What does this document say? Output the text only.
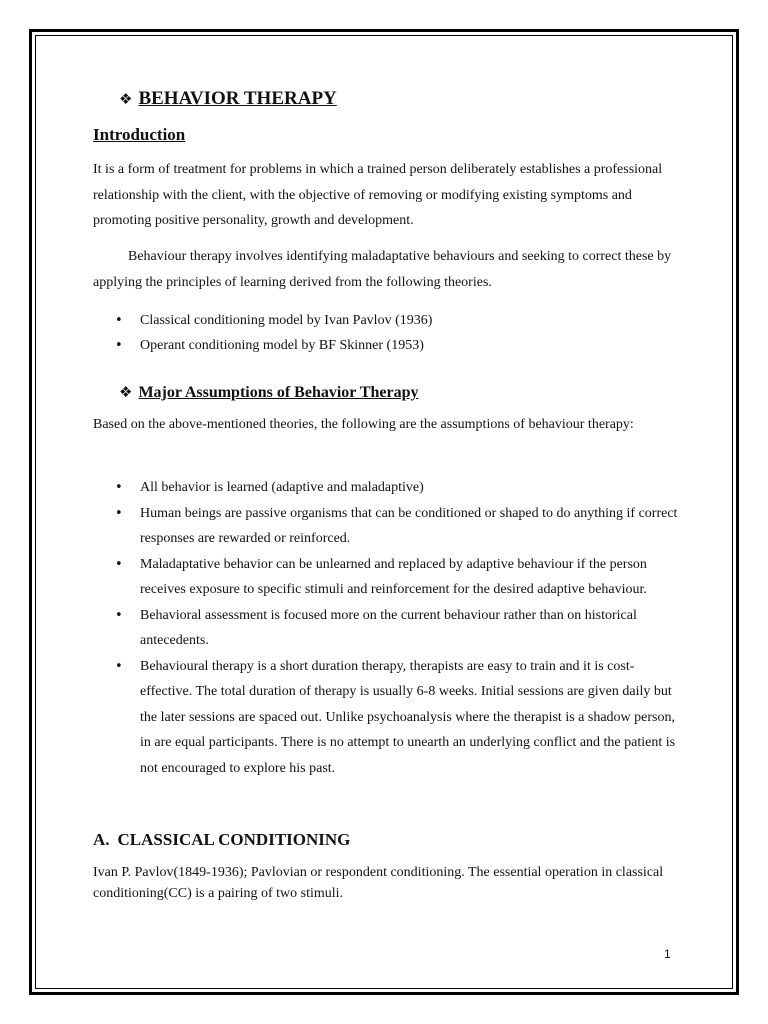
❖ BEHAVIOR THERAPY
Introduction

It is a form of treatment for problems in which a trained person deliberately establishes a professional relationship with the client, with the objective of removing or modifying existing symptoms and promoting positive personality, growth and development.

Behaviour therapy involves identifying maladaptative behaviours and seeking to correct these by applying the principles of learning derived from the following theories.

• Classical conditioning model by Ivan Pavlov (1936)
• Operant conditioning model by BF Skinner (1953)
❖ Major Assumptions of Behavior Therapy

Based on the above-mentioned theories, the following are the assumptions of behaviour therapy:

• All behavior is learned (adaptive and maladaptive)
• Human beings are passive organisms that can be conditioned or shaped to do anything if correct responses are rewarded or reinforced.
• Maladaptative behavior can be unlearned and replaced by adaptive behaviour if the person receives exposure to specific stimuli and reinforcement for the desired adaptive behaviour.
• Behavioral assessment is focused more on the current behaviour rather than on historical antecedents.
• Behavioural therapy is a short duration therapy, therapists are easy to train and it is cost-effective. The total duration of therapy is usually 6-8 weeks. Initial sessions are given daily but the later sessions are spaced out. Unlike psychoanalysis where the therapist is a shadow person, in are equal participants. There is no attempt to unearth an underlying conflict and the patient is not encouraged to explore his past.
A. CLASSICAL CONDITIONING

Ivan P. Pavlov(1849-1936); Pavlovian or respondent conditioning. The essential operation in classical conditioning(CC) is a pairing of two stimuli.

1
